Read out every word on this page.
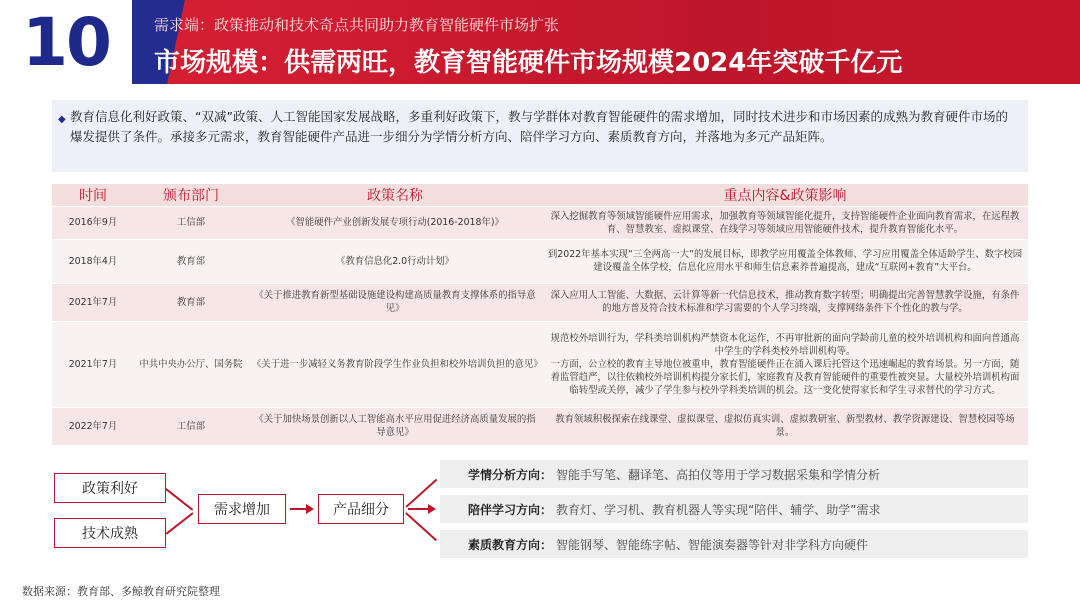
10	需求端：政策推动和技术奇点共同助力教育智能硬件市场扩张
市场规模：供需两旺，教育智能硬件市场规模2024年突破千亿元
◆ 教育信息化利好政策、“双减”政策、人工智能国家发展战略，多重利好政策下，教与学群体对教育智能硬件的需求增加，同时技术进步和市场因素的成熟为教育硬件市场的爆发提供了条件。承接多元需求，教育智能硬件产品进一步细分为学情分析方向、陪伴学习方向、素质教育方向，并落地为多元产品矩阵。
时间	颁布部门	政策名称	重点内容&政策影响
2016年9月	工信部	《智能硬件产业创新发展专项行动(2016-2018年)》	深入挖掘教育等领域智能硬件应用需求，加强教育等领域智能化提升，支持智能硬件企业面向教育需求，在远程教育、智慧教室、虚拟课堂、在线学习等领域应用智能硬件技术，提升教育智能化水平。
2018年4月	教育部	《教育信息化2.0行动计划》	到2022年基本实现“三全两高一大”的发展目标，即教学应用覆盖全体教师、学习应用覆盖全体适龄学生、数字校园建设覆盖全体学校，信息化应用水平和师生信息素养普遍提高，建成“互联网+教育”大平台。
2021年7月	教育部	《关于推进教育新型基础设施建设构建高质量教育支撑体系的指导意见》	深入应用人工智能、大数据、云计算等新一代信息技术，推动教育数字转型；明确提出完善智慧教学设施，有条件的地方普及符合技术标准和学习需要的个人学习终端，支撑网络条件下个性化的教与学。
2021年7月	中共中央办公厅、国务院	《关于进一步减轻义务教育阶段学生作业负担和校外培训负担的意见》	规范校外培训行为，学科类培训机构严禁资本化运作，不再审批新的面向学龄前儿童的校外培训机构和面向普通高中学生的学科类校外培训机构等。
一方面，公立校的教育主导地位被重申，教育智能硬件正在涌入课后托管这个迅速崛起的教育场景。另一方面，随着监管趋严，以往依赖校外培训机构提分家长们，家庭教育及教育智能硬件的重要性被突显。大量校外培训机构面临转型或关停，减少了学生参与校外学科类培训的机会。这一变化使得家长和学生寻求替代的学习方式。
2022年7月	工信部	《关于加快场景创新以人工智能高水平应用促进经济高质量发展的指导意见》	教育领域积极探索在线课堂、虚拟课堂、虚拟仿真实训、虚拟教研室、新型教材、教学资源建设、智慧校园等场景。
政策利好
技术成熟
需求增加	产品细分
学情分析方向： 智能手写笔、翻译笔、高拍仪等用于学习数据采集和学情分析
陪伴学习方向： 教育灯、学习机、教育机器人等实现“陪伴、辅学、助学”需求
素质教育方向： 智能钢琴、智能练字帖、智能演奏器等针对非学科方向硬件
数据来源：教育部、多鲸教育研究院整理
